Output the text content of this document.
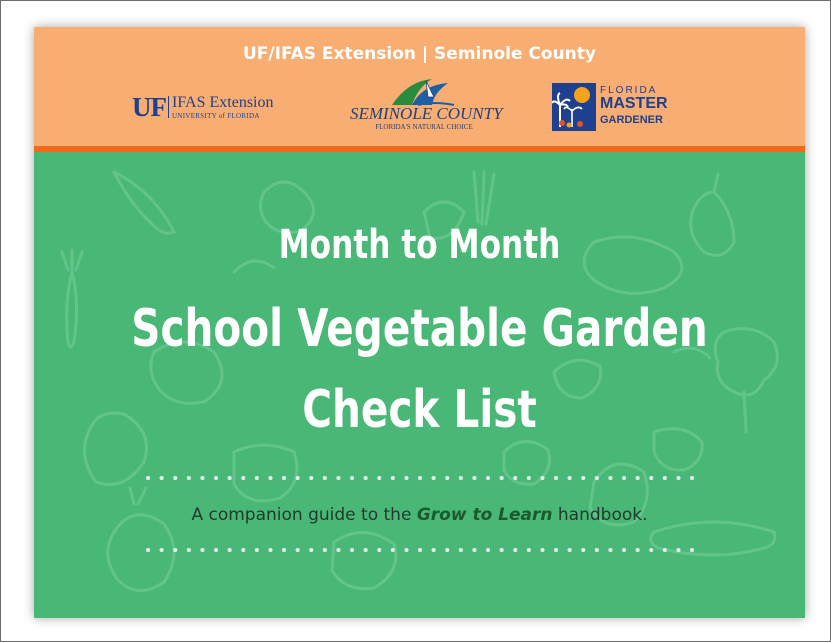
UF/IFAS Extension | Seminole County
UF IFAS Extension
UNIVERSITY of FLORIDA	SEMINOLE COUNTY
FLORIDA'S NATURAL CHOICE
FLORIDA
MASTER
GARDENER
Month to Month
School Vegetable Garden
Check List
A companion guide to the Grow to Learn handbook.
